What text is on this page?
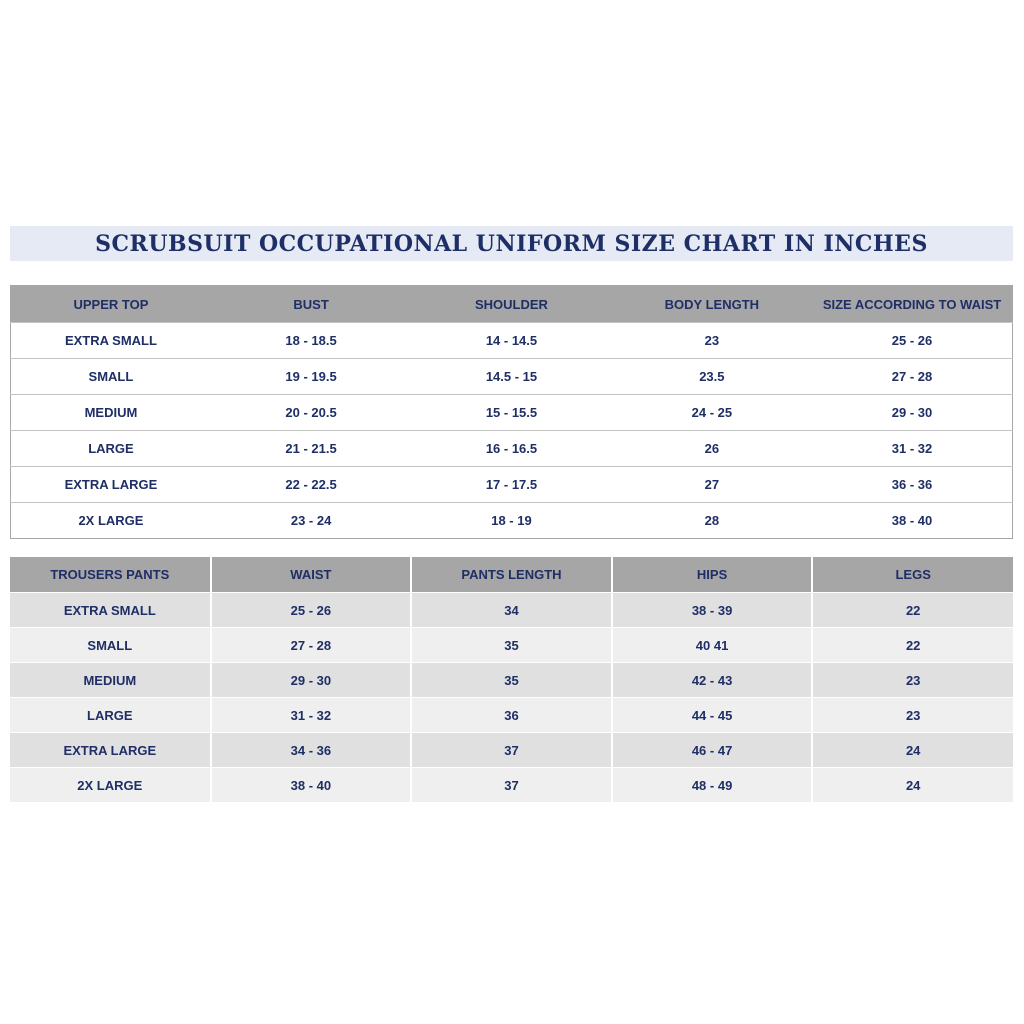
SCRUBSUIT OCCUPATIONAL UNIFORM SIZE CHART IN INCHES
UPPER TOP	BUST	SHOULDER	BODY LENGTH	SIZE ACCORDING TO WAIST
EXTRA SMALL	18 - 18.5	14 - 14.5	23	25 - 26
SMALL	19 - 19.5	14.5 - 15	23.5	27 - 28
MEDIUM	20 - 20.5	15 - 15.5	24 - 25	29 - 30
LARGE	21 - 21.5	16 - 16.5	26	31 - 32
EXTRA LARGE	22 - 22.5	17 - 17.5	27	36 - 36
2X LARGE	23 - 24	18 - 19	28	38 - 40
TROUSERS PANTS	WAIST	PANTS LENGTH	HIPS	LEGS
EXTRA SMALL	25 - 26	34	38 - 39	22
SMALL	27 - 28	35	40 41	22
MEDIUM	29 - 30	35	42 - 43	23
LARGE	31 - 32	36	44 - 45	23
EXTRA LARGE	34 - 36	37	46 - 47	24
2X LARGE	38 - 40	37	48 - 49	24
